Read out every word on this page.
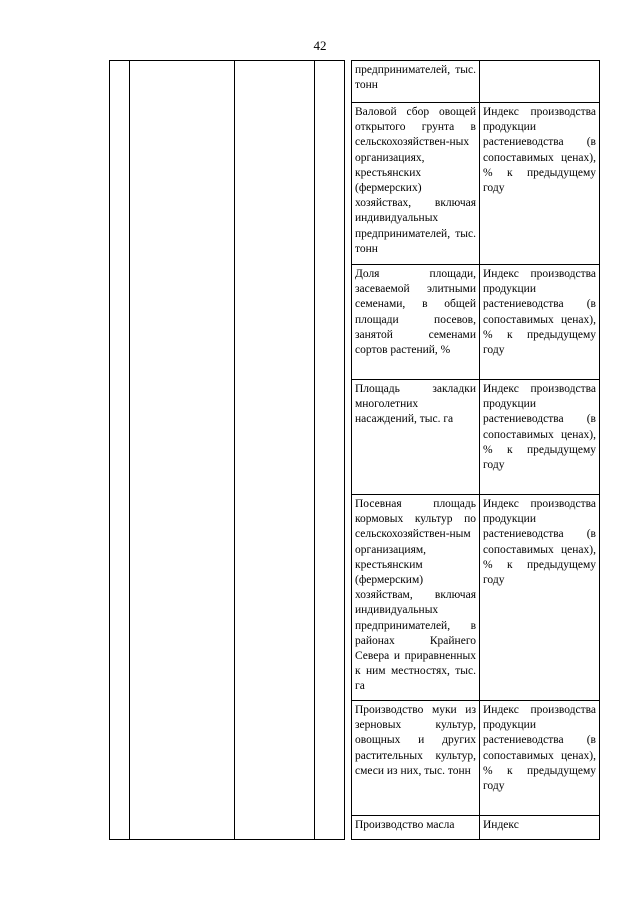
42

					предпринимателей, тыс. тонн	

					Валовой сбор овощей открытого грунта в сельскохозяйствен-ных организациях, крестьянских (фермерских) хозяйствах, включая индивидуальных предпринимателей, тыс. тонн	Индекс производства продукции растениеводства (в сопоставимых ценах), % к предыдущему году

					Доля площади, засеваемой элитными семенами, в общей площади посевов, занятой семенами сортов растений, %	Индекс производства продукции растениеводства (в сопоставимых ценах), % к предыдущему году

					Площадь закладки многолетних насаждений, тыс. га	Индекс производства продукции растениеводства (в сопоставимых ценах), % к предыдущему году

					Посевная площадь кормовых культур по сельскохозяйствен-ным организациям, крестьянским (фермерским) хозяйствам, включая индивидуальных предпринимателей, в районах Крайнего Севера и приравненных к ним местностях, тыс. га	Индекс производства продукции растениеводства (в сопоставимых ценах), % к предыдущему году

					Производство муки из зерновых культур, овощных и других растительных культур, смеси из них, тыс. тонн	Индекс производства продукции растениеводства (в сопоставимых ценах), % к предыдущему году

					Производство масла	Индекс
